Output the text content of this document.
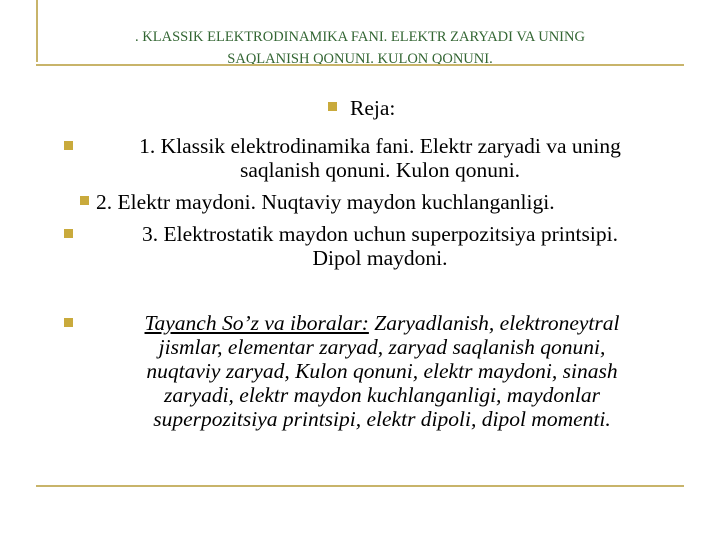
. KLASSIK ELEKTRODINAMIKA FANI. ELEKTR ZARYADI VA UNING
SAQLANISH QONUNI. KULON QONUNI.
Reja:
1. Klassik elektrodinamika fani. Elektr zaryadi va uning
saqlanish qonuni. Kulon qonuni.
2. Elektr maydoni. Nuqtaviy maydon kuchlanganligi.
3. Elektrostatik maydon uchun superpozitsiya printsipi.
Dipol maydoni.
Tayanch So’z va iboralar: Zaryadlanish, elektroneytral
jismlar, elementar zaryad, zaryad saqlanish qonuni,
nuqtaviy zaryad, Kulon qonuni, elektr maydoni, sinash
zaryadi, elektr maydon kuchlanganligi, maydonlar
superpozitsiya printsipi, elektr dipoli, dipol momenti.
